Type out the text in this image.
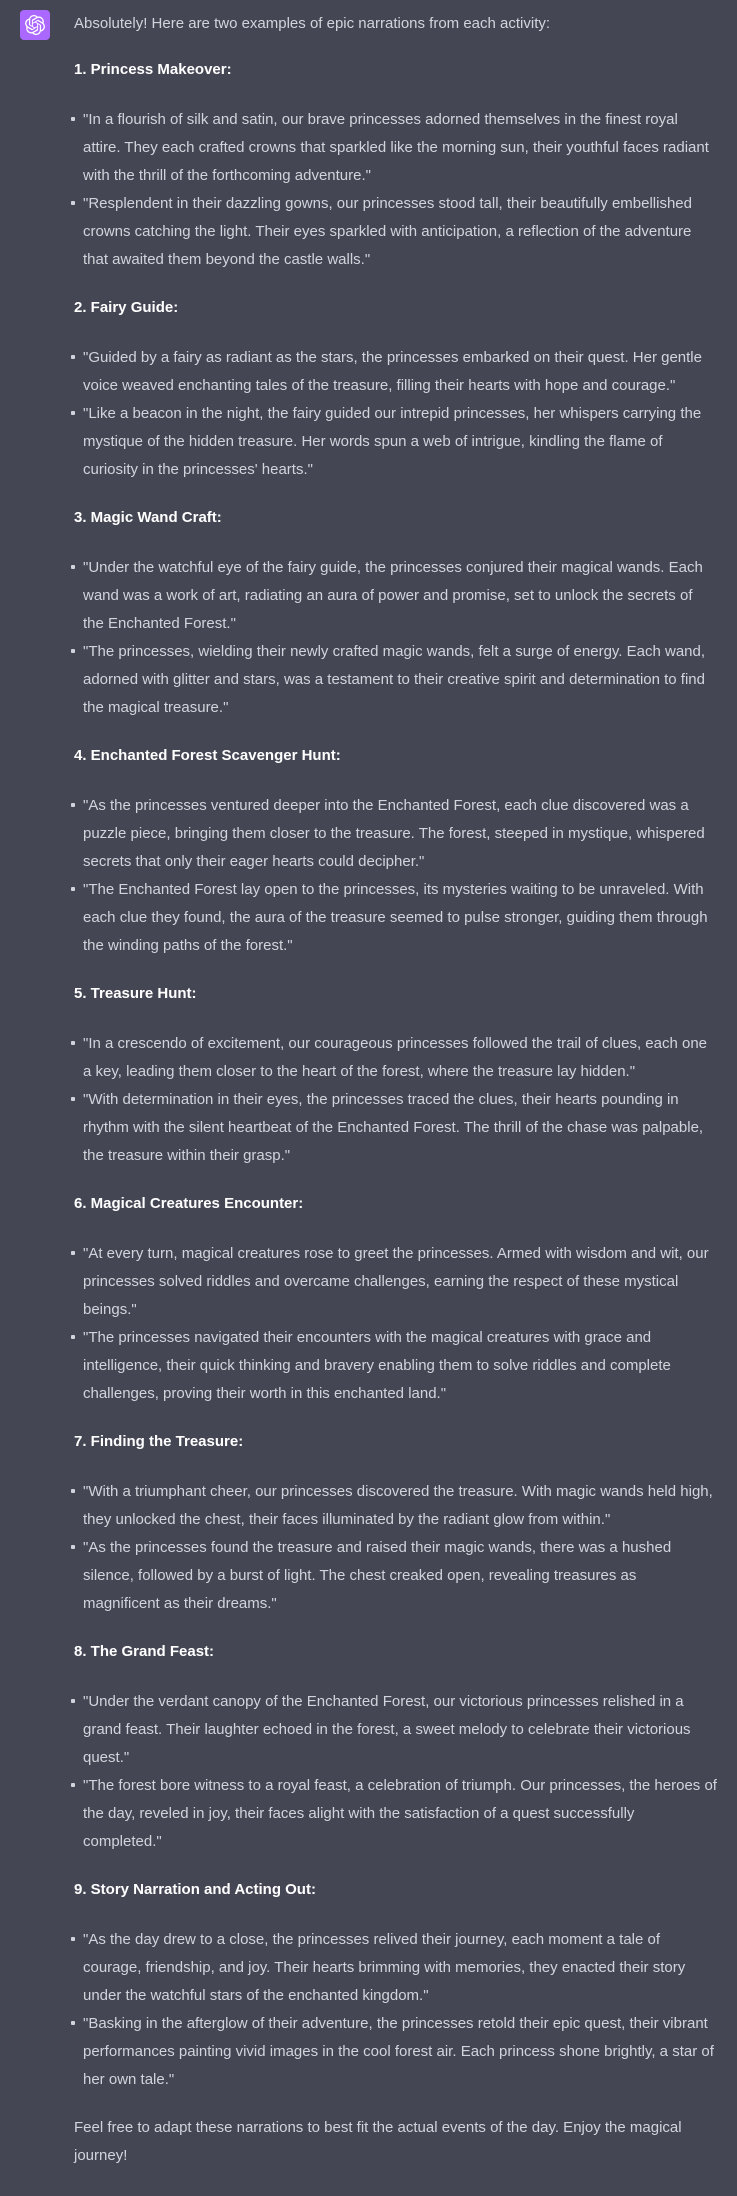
Absolutely! Here are two examples of epic narrations from each activity:

1. Princess Makeover:

"In a flourish of silk and satin, our brave princesses adorned themselves in the finest royal attire. They each crafted crowns that sparkled like the morning sun, their youthful faces radiant with the thrill of the forthcoming adventure."
"Resplendent in their dazzling gowns, our princesses stood tall, their beautifully embellished crowns catching the light. Their eyes sparkled with anticipation, a reflection of the adventure that awaited them beyond the castle walls."

2. Fairy Guide:

"Guided by a fairy as radiant as the stars, the princesses embarked on their quest. Her gentle voice weaved enchanting tales of the treasure, filling their hearts with hope and courage."
"Like a beacon in the night, the fairy guided our intrepid princesses, her whispers carrying the mystique of the hidden treasure. Her words spun a web of intrigue, kindling the flame of curiosity in the princesses' hearts."

3. Magic Wand Craft:

"Under the watchful eye of the fairy guide, the princesses conjured their magical wands. Each wand was a work of art, radiating an aura of power and promise, set to unlock the secrets of the Enchanted Forest."
"The princesses, wielding their newly crafted magic wands, felt a surge of energy. Each wand, adorned with glitter and stars, was a testament to their creative spirit and determination to find the magical treasure."

4. Enchanted Forest Scavenger Hunt:

"As the princesses ventured deeper into the Enchanted Forest, each clue discovered was a puzzle piece, bringing them closer to the treasure. The forest, steeped in mystique, whispered secrets that only their eager hearts could decipher."
"The Enchanted Forest lay open to the princesses, its mysteries waiting to be unraveled. With each clue they found, the aura of the treasure seemed to pulse stronger, guiding them through the winding paths of the forest."

5. Treasure Hunt:

"In a crescendo of excitement, our courageous princesses followed the trail of clues, each one a key, leading them closer to the heart of the forest, where the treasure lay hidden."
"With determination in their eyes, the princesses traced the clues, their hearts pounding in rhythm with the silent heartbeat of the Enchanted Forest. The thrill of the chase was palpable, the treasure within their grasp."

6. Magical Creatures Encounter:

"At every turn, magical creatures rose to greet the princesses. Armed with wisdom and wit, our princesses solved riddles and overcame challenges, earning the respect of these mystical beings."
"The princesses navigated their encounters with the magical creatures with grace and intelligence, their quick thinking and bravery enabling them to solve riddles and complete challenges, proving their worth in this enchanted land."

7. Finding the Treasure:

"With a triumphant cheer, our princesses discovered the treasure. With magic wands held high, they unlocked the chest, their faces illuminated by the radiant glow from within."
"As the princesses found the treasure and raised their magic wands, there was a hushed silence, followed by a burst of light. The chest creaked open, revealing treasures as magnificent as their dreams."

8. The Grand Feast:

"Under the verdant canopy of the Enchanted Forest, our victorious princesses relished in a grand feast. Their laughter echoed in the forest, a sweet melody to celebrate their victorious quest."
"The forest bore witness to a royal feast, a celebration of triumph. Our princesses, the heroes of the day, reveled in joy, their faces alight with the satisfaction of a quest successfully completed."

9. Story Narration and Acting Out:

"As the day drew to a close, the princesses relived their journey, each moment a tale of courage, friendship, and joy. Their hearts brimming with memories, they enacted their story under the watchful stars of the enchanted kingdom."
"Basking in the afterglow of their adventure, the princesses retold their epic quest, their vibrant performances painting vivid images in the cool forest air. Each princess shone brightly, a star of her own tale."

Feel free to adapt these narrations to best fit the actual events of the day. Enjoy the magical journey!
